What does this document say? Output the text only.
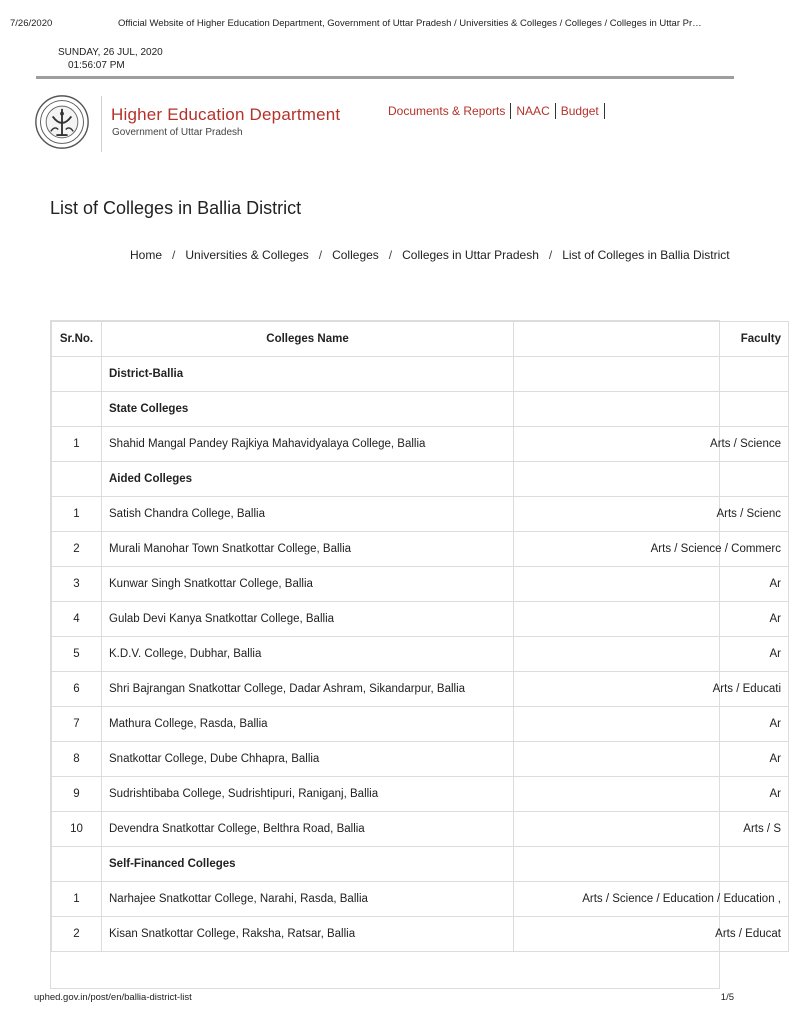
7/26/2020	Official Website of Higher Education Department, Government of Uttar Pradesh / Universities & Colleges / Colleges / Colleges in Uttar Pr…
SUNDAY, 26 JUL, 2020
01:56:07 PM
Higher Education Department
Government of Uttar Pradesh
Documents & Reports NAAC Budget
List of Colleges in Ballia District
Home / Universities & Colleges / Colleges / Colleges in Uttar Pradesh / List of Colleges in Ballia District
Sr.No.	Colleges Name	Faculty
	District-Ballia	
	State Colleges	
1	Shahid Mangal Pandey Rajkiya Mahavidyalaya College, Ballia	Arts / Science
	Aided Colleges	
1	Satish Chandra College, Ballia	Arts / Scienc
2	Murali Manohar Town Snatkottar College, Ballia	Arts / Science / Commerc
3	Kunwar Singh Snatkottar College, Ballia	Ar
4	Gulab Devi Kanya Snatkottar College, Ballia	Ar
5	K.D.V. College, Dubhar, Ballia	Ar
6	Shri Bajrangan Snatkottar College, Dadar Ashram, Sikandarpur, Ballia	Arts / Educati
7	Mathura College, Rasda, Ballia	Ar
8	Snatkottar College, Dube Chhapra, Ballia	Ar
9	Sudrishtibaba College, Sudrishtipuri, Raniganj, Ballia	Ar
10	Devendra Snatkottar College, Belthra Road, Ballia	Arts / S
	Self-Financed Colleges	
1	Narhajee Snatkottar College, Narahi, Rasda, Ballia	Arts / Science / Education / Education ,
2	Kisan Snatkottar College, Raksha, Ratsar, Ballia	Arts / Educat
uphed.gov.in/post/en/ballia-district-list	1/5
